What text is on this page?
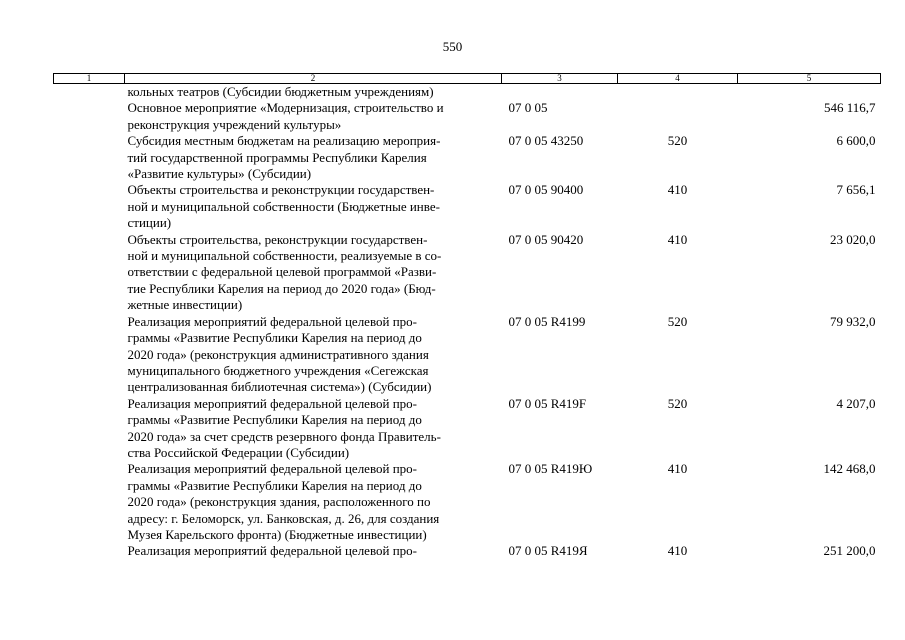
550
1	2	3	4	5

	кольных театров (Субсидии бюджетным учреждениям)			

	Основное мероприятие «Модернизация, строительство и
реконструкция учреждений культуры»	07 0 05		546 116,7

	Субсидия местным бюджетам на реализацию мероприя-
тий государственной программы Республики Карелия
«Развитие культуры» (Субсидии)	07 0 05 43250	520	6 600,0

	Объекты строительства и реконструкции государствен-
ной и муниципальной собственности (Бюджетные инве-
стиции)	07 0 05 90400	410	7 656,1

	Объекты строительства, реконструкции государствен-
ной и муниципальной собственности, реализуемые в со-
ответствии с федеральной целевой программой «Разви-
тие Республики Карелия на период до 2020 года» (Бюд-
жетные инвестиции)	07 0 05 90420	410	23 020,0

	Реализация мероприятий федеральной целевой про-
граммы «Развитие Республики Карелия на период до
2020 года» (реконструкция административного здания
муниципального бюджетного учреждения «Сегежская
централизованная библиотечная система») (Субсидии)	07 0 05 R4199	520	79 932,0

	Реализация мероприятий федеральной целевой про-
граммы «Развитие Республики Карелия на период до
2020 года» за счет средств резервного фонда Правитель-
ства Российской Федерации (Субсидии)	07 0 05 R419F	520	4 207,0

	Реализация мероприятий федеральной целевой про-
граммы «Развитие Республики Карелия на период до
2020 года» (реконструкция здания, расположенного по
адресу: г. Беломорск, ул. Банковская, д. 26, для создания
Музея Карельского фронта) (Бюджетные инвестиции)	07 0 05 R419Ю	410	142 468,0

	Реализация мероприятий федеральной целевой про-	07 0 05 R419Я	410	251 200,0
